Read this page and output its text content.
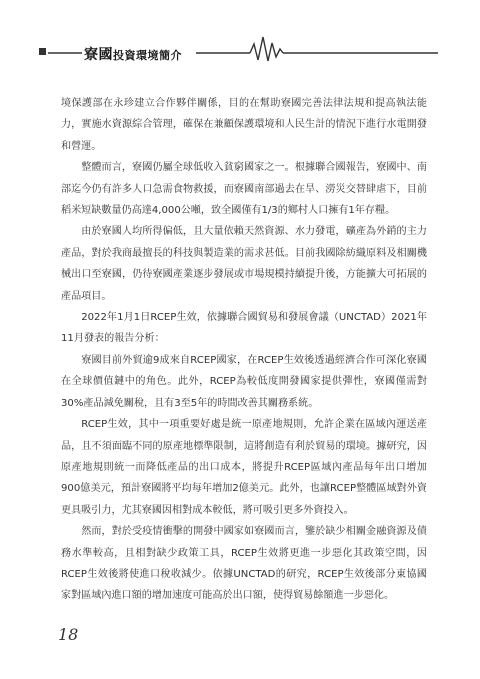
寮國投資環境簡介

境保護部在永珍建立合作夥伴關係，目的在幫助寮國完善法律法規和提高執法能力，實施水資源綜合管理，確保在兼顧保護環境和人民生計的情況下進行水電開發和營運。

整體而言，寮國仍屬全球低收入貧窮國家之一。根據聯合國報告，寮國中、南部迄今仍有許多人口急需食物救援，而寮國南部過去在旱、澇災交替肆虐下，目前稻米短缺數量仍高達4,000公噸，致全國僅有1/3的鄉村人口擁有1年存糧。

由於寮國人均所得偏低，且大量依賴天然資源、水力發電，礦產為外銷的主力產品，對於我商最擅長的科技與製造業的需求甚低。目前我國除紡織原料及相關機械出口至寮國，仍待寮國產業逐步發展或市場規模持續提升後，方能擴大可拓展的產品項目。

2022年1月1日RCEP生效，依據聯合國貿易和發展會議（UNCTAD）2021年11月發表的報告分析：

寮國目前外貿逾9成來自RCEP國家，在RCEP生效後透過經濟合作可深化寮國在全球價值鏈中的角色。此外，RCEP為較低度開發國家提供彈性，寮國僅需對30%產品減免關稅，且有3至5年的時間改善其關務系統。

RCEP生效，其中一項重要好處是統一原產地規則，允許企業在區域內運送產品，且不須面臨不同的原產地標準限制，這將創造有利於貿易的環境。據研究，因原產地規則統一而降低產品的出口成本，將提升RCEP區域內產品每年出口增加900億美元，預計寮國將平均每年增加2億美元。此外，也讓RCEP整體區域對外資更具吸引力，尤其寮國因相對成本較低，將可吸引更多外資投入。

然而，對於受疫情衝擊的開發中國家如寮國而言，鑒於缺少相關金融資源及債務水準較高，且相對缺少政策工具，RCEP生效將更進一步惡化其政策空間，因RCEP生效後將使進口稅收減少。依據UNCTAD的研究，RCEP生效後部分東協國家對區域內進口額的增加速度可能高於出口額，使得貿易餘額進一步惡化。

18
